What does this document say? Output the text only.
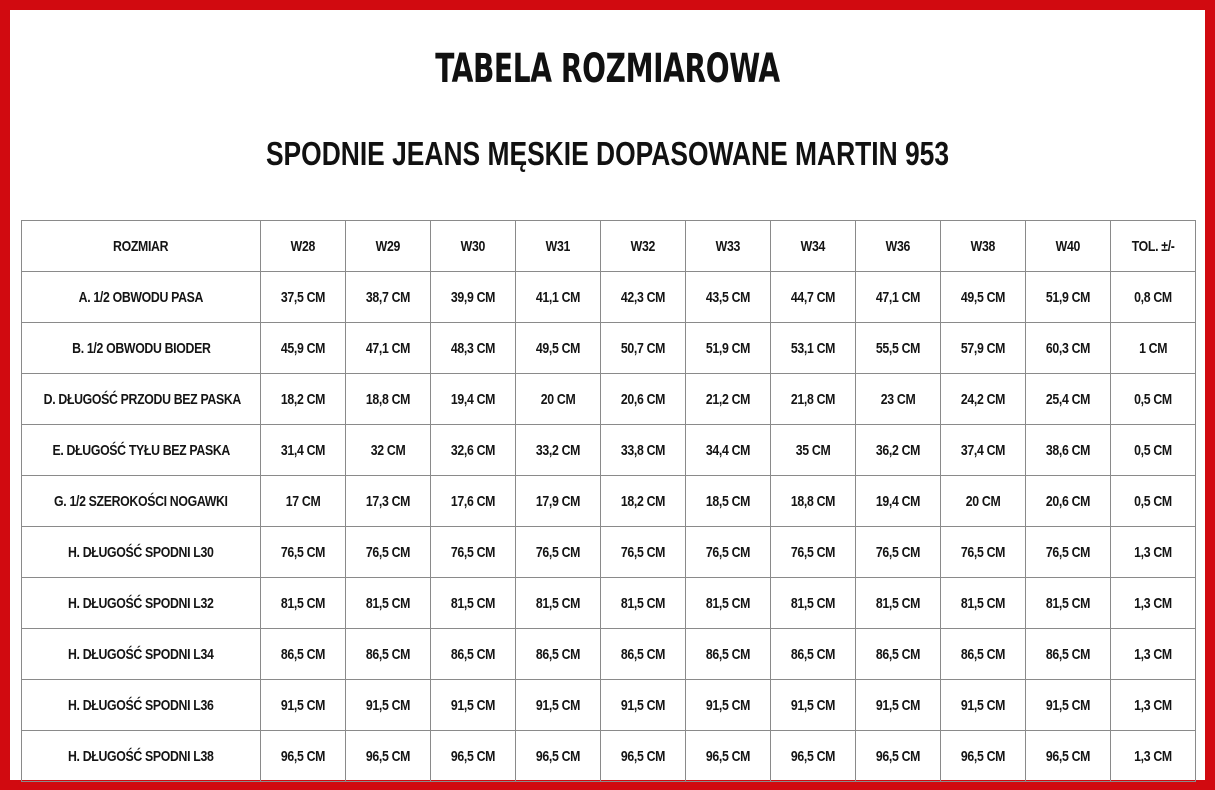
TABELA ROZMIAROWA
SPODNIE JEANS MĘSKIE DOPASOWANE MARTIN 953
ROZMIAR	W28	W29	W30	W31	W32	W33	W34	W36	W38	W40	TOL. ±/-
A. 1/2 OBWODU PASA	37,5 CM	38,7 CM	39,9 CM	41,1 CM	42,3 CM	43,5 CM	44,7 CM	47,1 CM	49,5 CM	51,9 CM	0,8 CM
B. 1/2 OBWODU BIODER	45,9 CM	47,1 CM	48,3 CM	49,5 CM	50,7 CM	51,9 CM	53,1 CM	55,5 CM	57,9 CM	60,3 CM	1 CM
D. DŁUGOŚĆ PRZODU BEZ PASKA	18,2 CM	18,8 CM	19,4 CM	20 CM	20,6 CM	21,2 CM	21,8 CM	23 CM	24,2 CM	25,4 CM	0,5 CM
E. DŁUGOŚĆ TYŁU BEZ PASKA	31,4 CM	32 CM	32,6 CM	33,2 CM	33,8 CM	34,4 CM	35 CM	36,2 CM	37,4 CM	38,6 CM	0,5 CM
G. 1/2 SZEROKOŚCI NOGAWKI	17 CM	17,3 CM	17,6 CM	17,9 CM	18,2 CM	18,5 CM	18,8 CM	19,4 CM	20 CM	20,6 CM	0,5 CM
H. DŁUGOŚĆ SPODNI L30	76,5 CM	76,5 CM	76,5 CM	76,5 CM	76,5 CM	76,5 CM	76,5 CM	76,5 CM	76,5 CM	76,5 CM	1,3 CM
H. DŁUGOŚĆ SPODNI L32	81,5 CM	81,5 CM	81,5 CM	81,5 CM	81,5 CM	81,5 CM	81,5 CM	81,5 CM	81,5 CM	81,5 CM	1,3 CM
H. DŁUGOŚĆ SPODNI L34	86,5 CM	86,5 CM	86,5 CM	86,5 CM	86,5 CM	86,5 CM	86,5 CM	86,5 CM	86,5 CM	86,5 CM	1,3 CM
H. DŁUGOŚĆ SPODNI L36	91,5 CM	91,5 CM	91,5 CM	91,5 CM	91,5 CM	91,5 CM	91,5 CM	91,5 CM	91,5 CM	91,5 CM	1,3 CM
H. DŁUGOŚĆ SPODNI L38	96,5 CM	96,5 CM	96,5 CM	96,5 CM	96,5 CM	96,5 CM	96,5 CM	96,5 CM	96,5 CM	96,5 CM	1,3 CM
